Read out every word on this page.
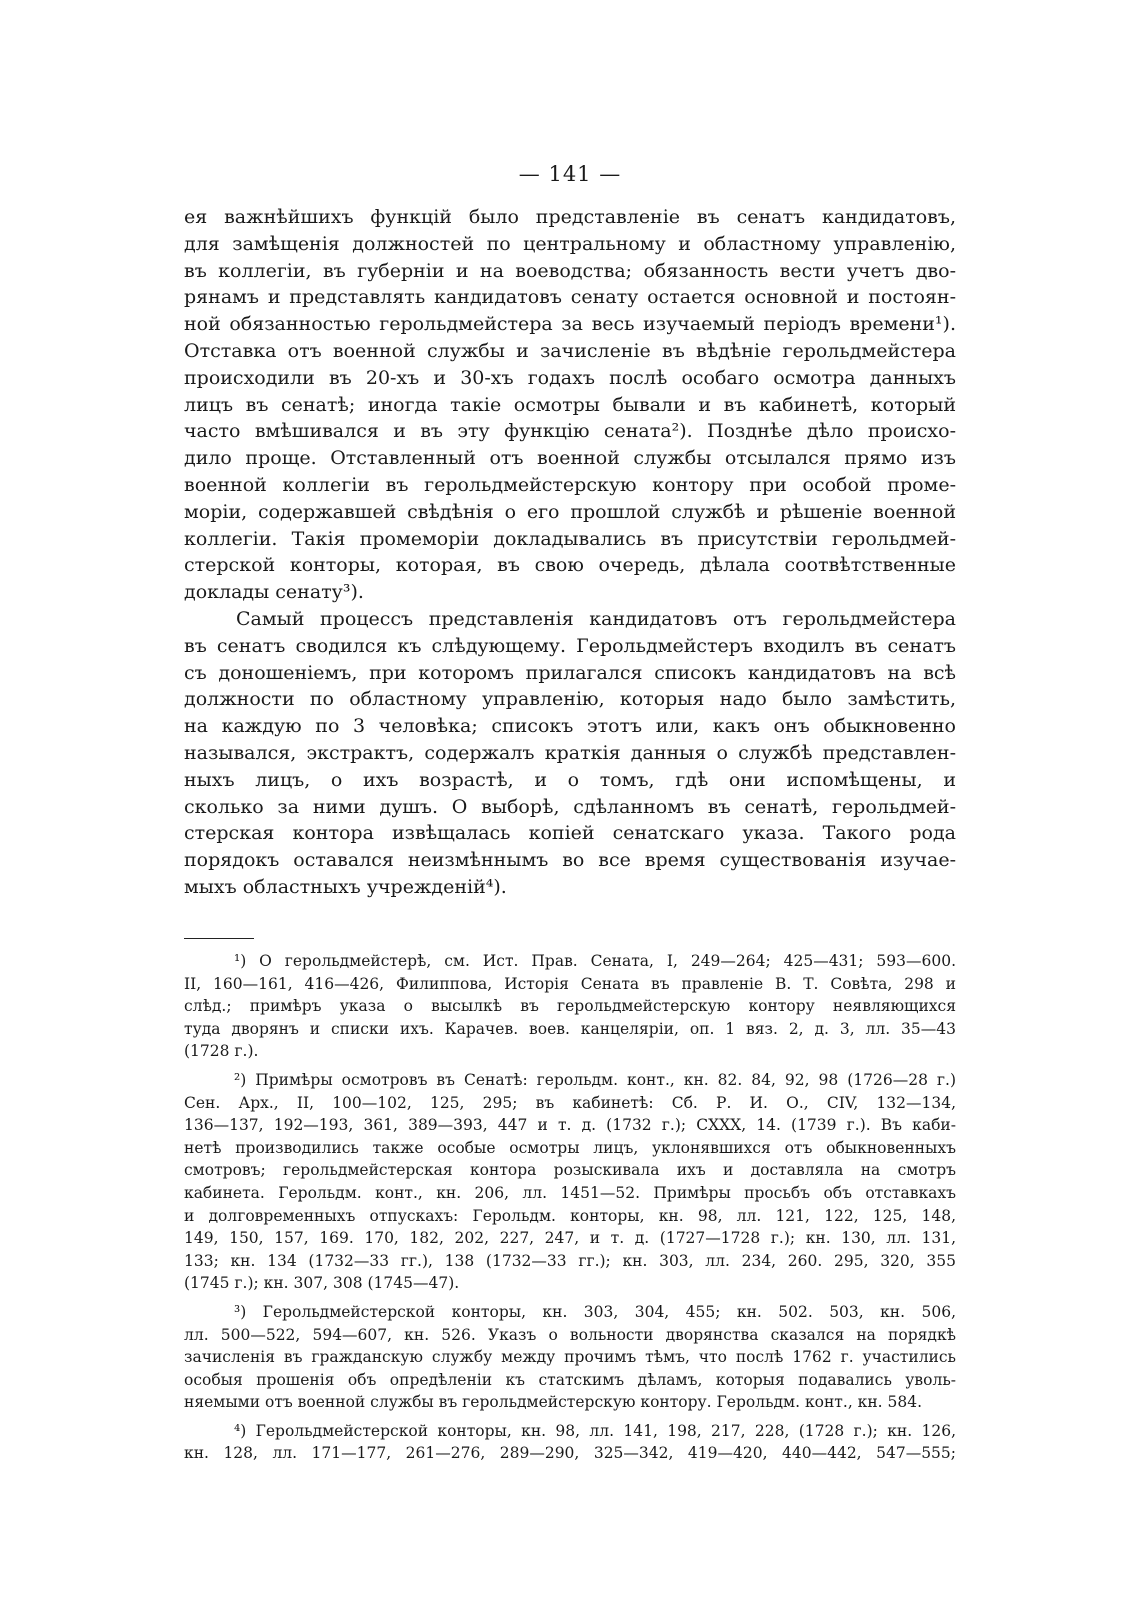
— 141 —
ея важнѣйшихъ функцій было представленіе въ сенатъ кандидатовъ,
для замѣщенія должностей по центральному и областному управленію,
въ коллегіи, въ губерніи и на воеводства; обязанность вести учетъ дво-
рянамъ и представлять кандидатовъ сенату остается основной и постоян-
ной обязанностью герольдмейстера за весь изучаемый періодъ времени¹).
Отставка отъ военной службы и зачисленіе въ вѣдѣніе герольдмейстера
происходили въ 20-хъ и 30-хъ годахъ послѣ особаго осмотра данныхъ
лицъ въ сенатѣ; иногда такіе осмотры бывали и въ кабинетѣ, который
часто вмѣшивался и въ эту функцію сената²). Позднѣе дѣло происхо-
дило проще. Отставленный отъ военной службы отсылался прямо изъ
военной коллегіи въ герольдмейстерскую контору при особой проме-
моріи, содержавшей свѣдѣнія о его прошлой службѣ и рѣшеніе военной
коллегіи. Такія промеморіи докладывались въ присутствіи герольдмей-
стерской конторы, которая, въ свою очередь, дѣлала соотвѣтственные
доклады сенату³).
Самый процессъ представленія кандидатовъ отъ герольдмейстера
въ сенатъ сводился къ слѣдующему. Герольдмейстеръ входилъ въ сенатъ
съ доношеніемъ, при которомъ прилагался списокъ кандидатовъ на всѣ
должности по областному управленію, которыя надо было замѣстить,
на каждую по 3 человѣка; списокъ этотъ или, какъ онъ обыкновенно
назывался, экстрактъ, содержалъ краткія данныя о службѣ представлен-
ныхъ лицъ, о ихъ возрастѣ, и о томъ, гдѣ они испомѣщены, и
сколько за ними душъ. О выборѣ, сдѣланномъ въ сенатѣ, герольдмей-
стерская контора извѣщалась копіей сенатскаго указа. Такого рода
порядокъ оставался неизмѣннымъ во все время существованія изучае-
мыхъ областныхъ учрежденій⁴).
¹) О герольдмейстерѣ, см. Ист. Прав. Сената, I, 249—264; 425—431; 593—600.
II, 160—161, 416—426, Филиппова, Исторія Сената въ правленіе В. Т. Совѣта, 298 и
слѣд.; примѣръ указа о высылкѣ въ герольдмейстерскую контору неявляющихся
туда дворянъ и списки ихъ. Карачев. воев. канцеляріи, оп. 1 вяз. 2, д. 3, лл. 35—43
(1728 г.).
²) Примѣры осмотровъ въ Сенатѣ: герольдм. конт., кн. 82. 84, 92, 98 (1726—28 г.)
Сен. Арх., II, 100—102, 125, 295; въ кабинетѣ: Сб. Р. И. О., CIV, 132—134,
136—137, 192—193, 361, 389—393, 447 и т. д. (1732 г.); CXXX, 14. (1739 г.). Въ каби-
нетѣ производились также особые осмотры лицъ, уклонявшихся отъ обыкновенныхъ
смотровъ; герольдмейстерская контора розыскивала ихъ и доставляла на смотръ
кабинета. Герольдм. конт., кн. 206, лл. 1451—52. Примѣры просьбъ объ отставкахъ
и долговременныхъ отпускахъ: Герольдм. конторы, кн. 98, лл. 121, 122, 125, 148,
149, 150, 157, 169. 170, 182, 202, 227, 247, и т. д. (1727—1728 г.); кн. 130, лл. 131,
133; кн. 134 (1732—33 гг.), 138 (1732—33 гг.); кн. 303, лл. 234, 260. 295, 320, 355
(1745 г.); кн. 307, 308 (1745—47).
³) Герольдмейстерской конторы, кн. 303, 304, 455; кн. 502. 503, кн. 506,
лл. 500—522, 594—607, кн. 526. Указъ о вольности дворянства сказался на порядкѣ
зачисленія въ гражданскую службу между прочимъ тѣмъ, что послѣ 1762 г. участились
особыя прошенія объ опредѣленіи къ статскимъ дѣламъ, которыя подавались уволь-
няемыми отъ военной службы въ герольдмейстерскую контору. Герольдм. конт., кн. 584.
⁴) Герольдмейстерской конторы, кн. 98, лл. 141, 198, 217, 228, (1728 г.); кн. 126,
кн. 128, лл. 171—177, 261—276, 289—290, 325—342, 419—420, 440—442, 547—555;
